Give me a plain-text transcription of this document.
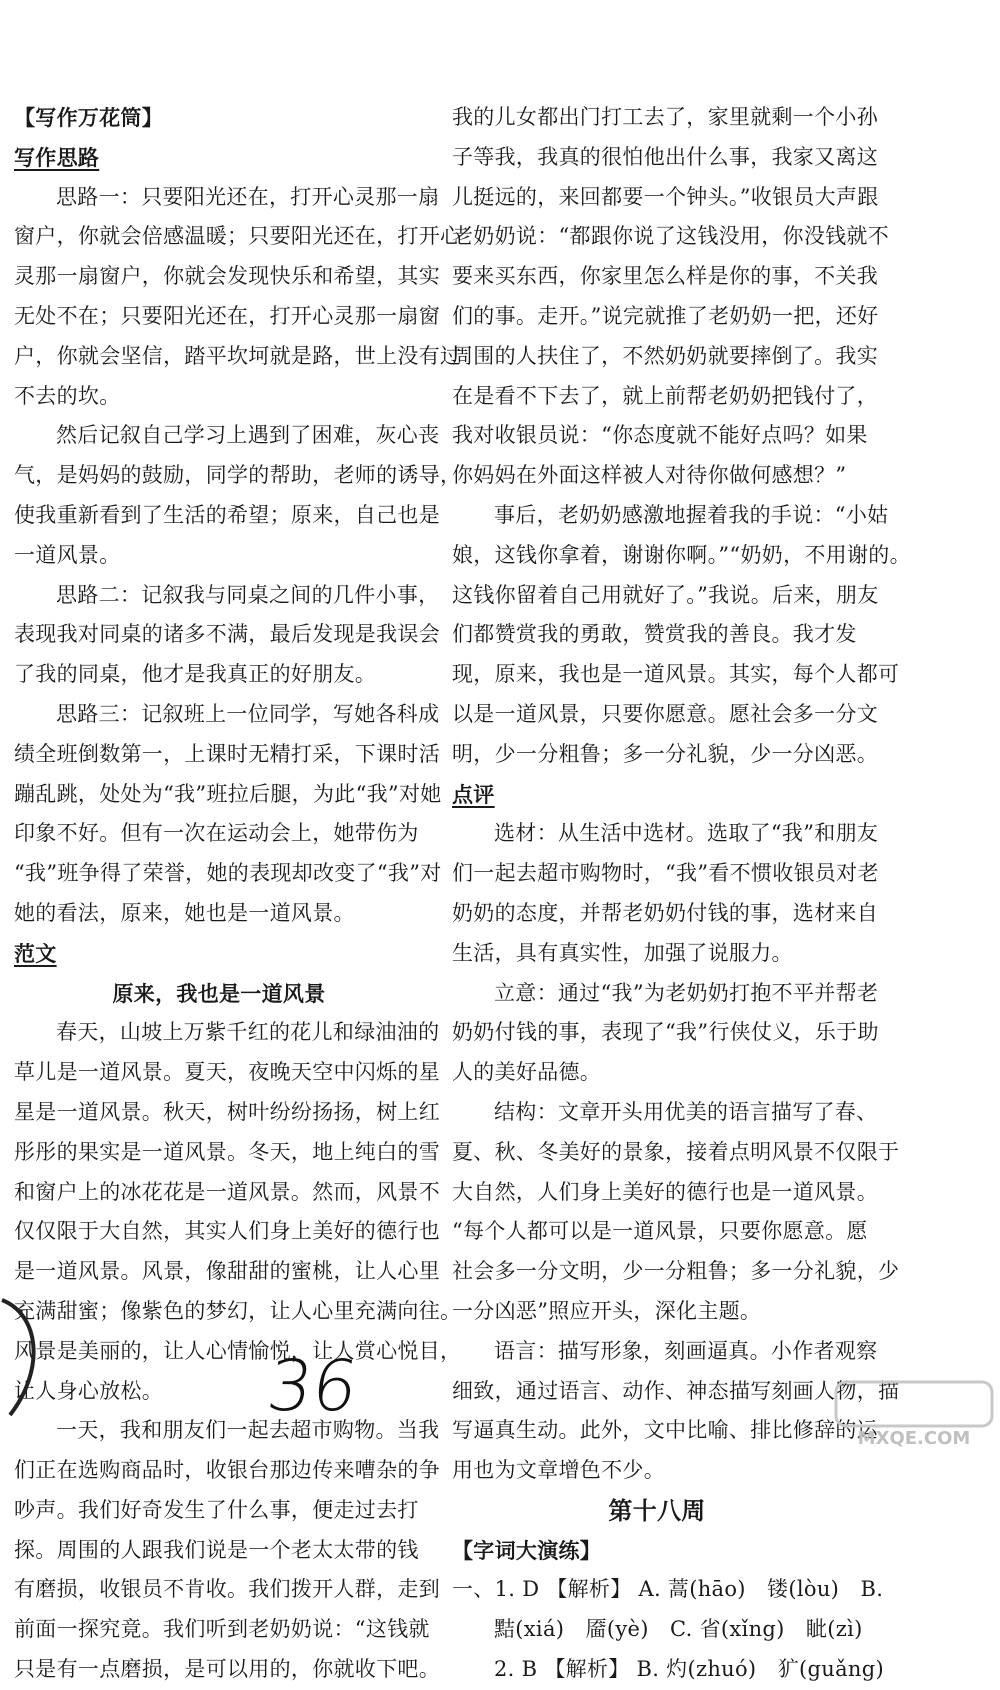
【写作万花筒】
写作思路
思路一：只要阳光还在，打开心灵那一扇
窗户，你就会倍感温暖；只要阳光还在，打开心
灵那一扇窗户，你就会发现快乐和希望，其实
无处不在；只要阳光还在，打开心灵那一扇窗
户，你就会坚信，踏平坎坷就是路，世上没有过
不去的坎。
然后记叙自己学习上遇到了困难，灰心丧
气，是妈妈的鼓励，同学的帮助，老师的诱导，
使我重新看到了生活的希望；原来，自己也是
一道风景。
思路二：记叙我与同桌之间的几件小事，
表现我对同桌的诸多不满，最后发现是我误会
了我的同桌，他才是我真正的好朋友。
思路三：记叙班上一位同学，写她各科成
绩全班倒数第一，上课时无精打采，下课时活
蹦乱跳，处处为“我”班拉后腿，为此“我”对她
印象不好。但有一次在运动会上，她带伤为
“我”班争得了荣誉，她的表现却改变了“我”对
她的看法，原来，她也是一道风景。
范文
原来，我也是一道风景
春天，山坡上万紫千红的花儿和绿油油的
草儿是一道风景。夏天，夜晚天空中闪烁的星
星是一道风景。秋天，树叶纷纷扬扬，树上红
彤彤的果实是一道风景。冬天，地上纯白的雪
和窗户上的冰花花是一道风景。然而，风景不
仅仅限于大自然，其实人们身上美好的德行也
是一道风景。风景，像甜甜的蜜桃，让人心里
充满甜蜜；像紫色的梦幻，让人心里充满向往。
风景是美丽的，让人心情愉悦，让人赏心悦目，
让人身心放松。
一天，我和朋友们一起去超市购物。当我
们正在选购商品时，收银台那边传来嘈杂的争
吵声。我们好奇发生了什么事，便走过去打
探。周围的人跟我们说是一个老太太带的钱
有磨损，收银员不肯收。我们拨开人群，走到
前面一探究竟。我们听到老奶奶说：“这钱就
只是有一点磨损，是可以用的，你就收下吧。
我的儿女都出门打工去了，家里就剩一个小孙
子等我，我真的很怕他出什么事，我家又离这
儿挺远的，来回都要一个钟头。”收银员大声跟
老奶奶说：“都跟你说了这钱没用，你没钱就不
要来买东西，你家里怎么样是你的事，不关我
们的事。走开。”说完就推了老奶奶一把，还好
周围的人扶住了，不然奶奶就要摔倒了。我实
在是看不下去了，就上前帮老奶奶把钱付了，
我对收银员说：“你态度就不能好点吗？如果
你妈妈在外面这样被人对待你做何感想？”
事后，老奶奶感激地握着我的手说：“小姑
娘，这钱你拿着，谢谢你啊。”“奶奶，不用谢的。
这钱你留着自己用就好了。”我说。后来，朋友
们都赞赏我的勇敢，赞赏我的善良。我才发
现，原来，我也是一道风景。其实，每个人都可
以是一道风景，只要你愿意。愿社会多一分文
明，少一分粗鲁；多一分礼貌，少一分凶恶。
点评
选材：从生活中选材。选取了“我”和朋友
们一起去超市购物时，“我”看不惯收银员对老
奶奶的态度，并帮老奶奶付钱的事，选材来自
生活，具有真实性，加强了说服力。
立意：通过“我”为老奶奶打抱不平并帮老
奶奶付钱的事，表现了“我”行侠仗义，乐于助
人的美好品德。
结构：文章开头用优美的语言描写了春、
夏、秋、冬美好的景象，接着点明风景不仅限于
大自然，人们身上美好的德行也是一道风景。
“每个人都可以是一道风景，只要你愿意。愿
社会多一分文明，少一分粗鲁；多一分礼貌，少
一分凶恶”照应开头，深化主题。
语言：描写形象，刻画逼真。小作者观察
细致，通过语言、动作、神态描写刻画人物，描
写逼真生动。此外，文中比喻、排比修辞的运
用也为文章增色不少。
第十八周
【字词大演练】
一、1. D 【解析】 A. 蒿(hāo)　镂(lòu)　B.
黠(xiá)　靥(yè)　C. 省(xǐng)　眦(zì)
2. B 【解析】 B. 灼(zhuó)　犷(guǎng)
36
MXQE.COM
